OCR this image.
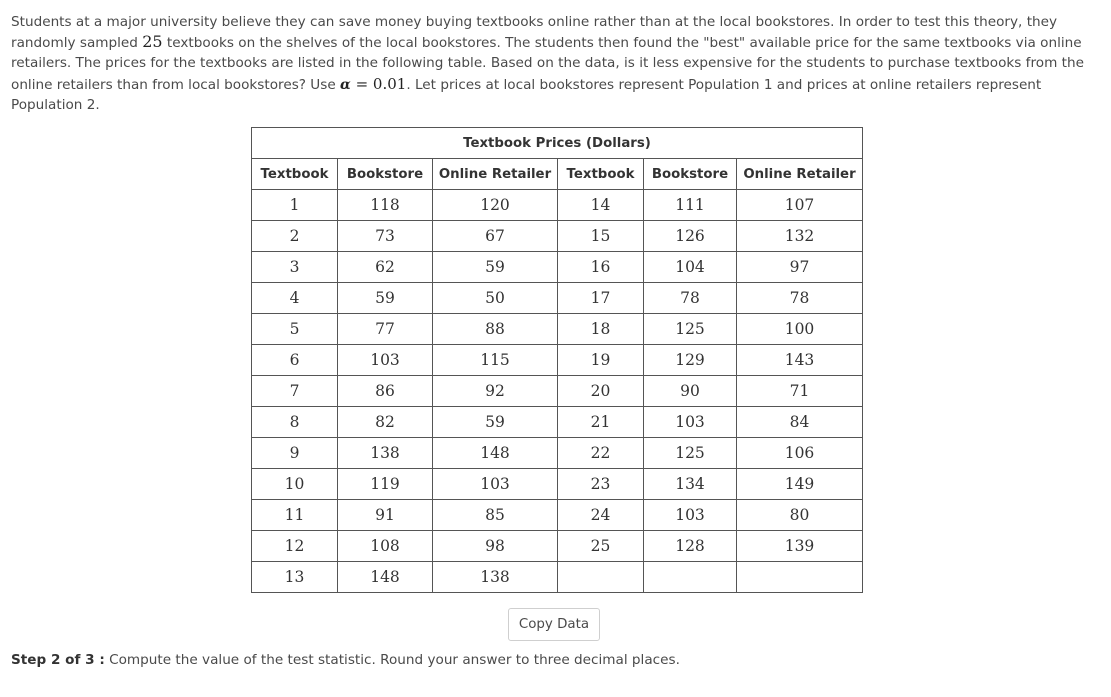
Students at a major university believe they can save money buying textbooks online rather than at the local bookstores. In order to test this theory, they randomly sampled 25 textbooks on the shelves of the local bookstores. The students then found the "best" available price for the same textbooks via online retailers. The prices for the textbooks are listed in the following table. Based on the data, is it less expensive for the students to purchase textbooks from the online retailers than from local bookstores? Use α = 0.01. Let prices at local bookstores represent Population 1 and prices at online retailers represent Population 2.
Textbook Prices (Dollars)					
Textbook	Bookstore	Online Retailer	Textbook	Bookstore	Online Retailer
1	118	120	14	111	107
2	73	67	15	126	132
3	62	59	16	104	97
4	59	50	17	78	78
5	77	88	18	125	100
6	103	115	19	129	143
7	86	92	20	90	71
8	82	59	21	103	84
9	138	148	22	125	106
10	119	103	23	134	149
11	91	85	24	103	80
12	108	98	25	128	139
13	148	138			
Copy Data
Step 2 of 3 : Compute the value of the test statistic. Round your answer to three decimal places.
